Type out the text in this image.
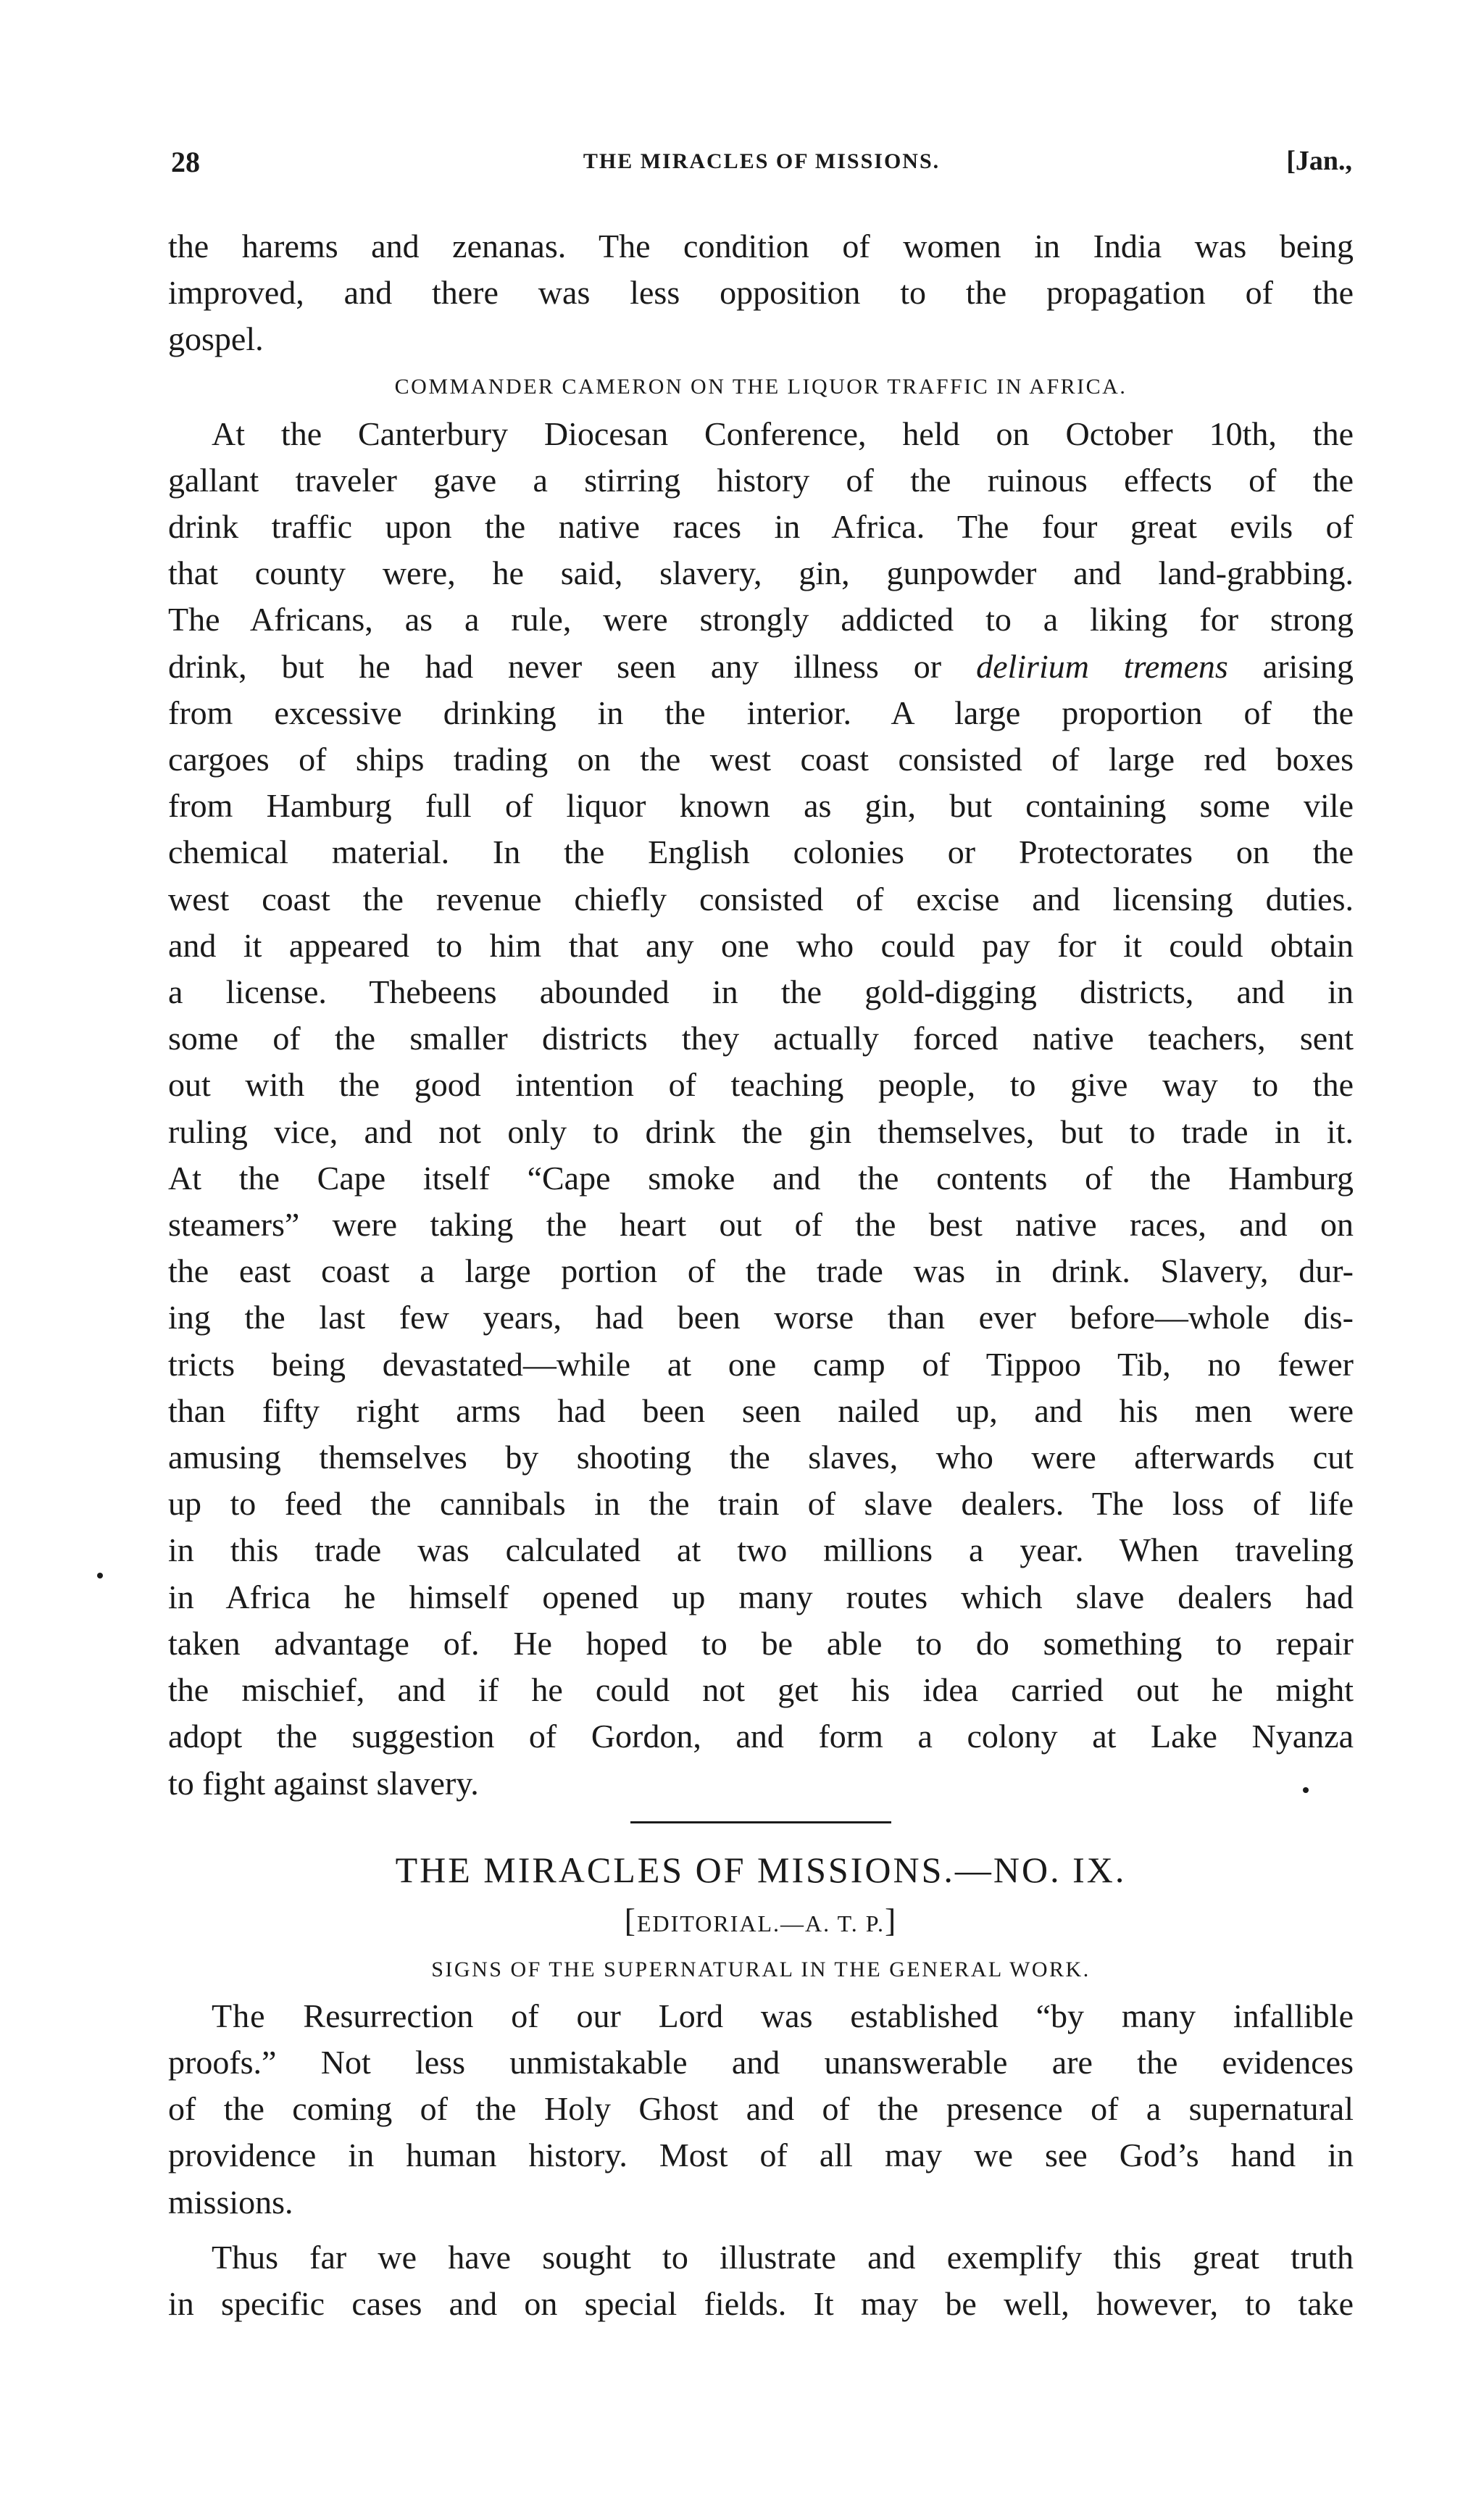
28	THE MIRACLES OF MISSIONS.	[Jan.,
the harems and zenanas. The condition of women in India was being
improved, and there was less opposition to the propagation of the
gospel.
COMMANDER CAMERON ON THE LIQUOR TRAFFIC IN AFRICA.
At the Canterbury Diocesan Conference, held on October 10th, the
gallant traveler gave a stirring history of the ruinous effects of the
drink traffic upon the native races in Africa. The four great evils of
that county were, he said, slavery, gin, gunpowder and land-grabbing.
The Africans, as a rule, were strongly addicted to a liking for strong
drink, but he had never seen any illness or delirium tremens arising
from excessive drinking in the interior. A large proportion of the
cargoes of ships trading on the west coast consisted of large red boxes
from Hamburg full of liquor known as gin, but containing some vile
chemical material. In the English colonies or Protectorates on the
west coast the revenue chiefly consisted of excise and licensing duties.
and it appeared to him that any one who could pay for it could obtain
a license. Thebeens abounded in the gold-digging districts, and in
some of the smaller districts they actually forced native teachers, sent
out with the good intention of teaching people, to give way to the
ruling vice, and not only to drink the gin themselves, but to trade in it.
At the Cape itself “Cape smoke and the contents of the Hamburg
steamers” were taking the heart out of the best native races, and on
the east coast a large portion of the trade was in drink. Slavery, dur-
ing the last few years, had been worse than ever before—whole dis-
tricts being devastated—while at one camp of Tippoo Tib, no fewer
than fifty right arms had been seen nailed up, and his men were
amusing themselves by shooting the slaves, who were afterwards cut
up to feed the cannibals in the train of slave dealers. The loss of life
in this trade was calculated at two millions a year. When traveling
in Africa he himself opened up many routes which slave dealers had
taken advantage of. He hoped to be able to do something to repair
the mischief, and if he could not get his idea carried out he might
adopt the suggestion of Gordon, and form a colony at Lake Nyanza
to fight against slavery.
THE MIRACLES OF MISSIONS.—NO. IX.
[EDITORIAL.—A. T. P.]
SIGNS OF THE SUPERNATURAL IN THE GENERAL WORK.
The Resurrection of our Lord was established “by many infallible
proofs.” Not less unmistakable and unanswerable are the evidences
of the coming of the Holy Ghost and of the presence of a supernatural
providence in human history. Most of all may we see God’s hand in
missions.
Thus far we have sought to illustrate and exemplify this great truth
in specific cases and on special fields. It may be well, however, to take
